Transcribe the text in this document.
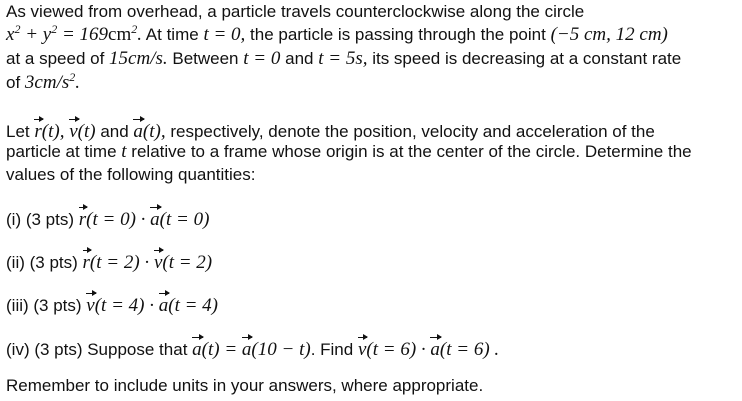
As viewed from overhead, a particle travels counterclockwise along the circle
$x^2 + y^2 = 169cm^2$. At time t = 0, the particle is passing through the point (−5 cm, 12 cm)
at a speed of 15cm/s. Between t = 0 and t = 5s, its speed is decreasing at a constant rate
of $3cm/s^2$.
Let r(t), v(t) and a(t), respectively, denote the position, velocity and acceleration of the
particle at time t relative to a frame whose origin is at the center of the circle. Determine the
values of the following quantities:
(i) (3 pts) r(t = 0) · a(t = 0)
(ii) (3 pts) r(t = 2) · v(t = 2)
(iii) (3 pts) v(t = 4) · a(t = 4)
(iv) (3 pts) Suppose that a(t) = a(10 − t). Find v(t = 6) · a(t = 6) .
Remember to include units in your answers, where appropriate.
